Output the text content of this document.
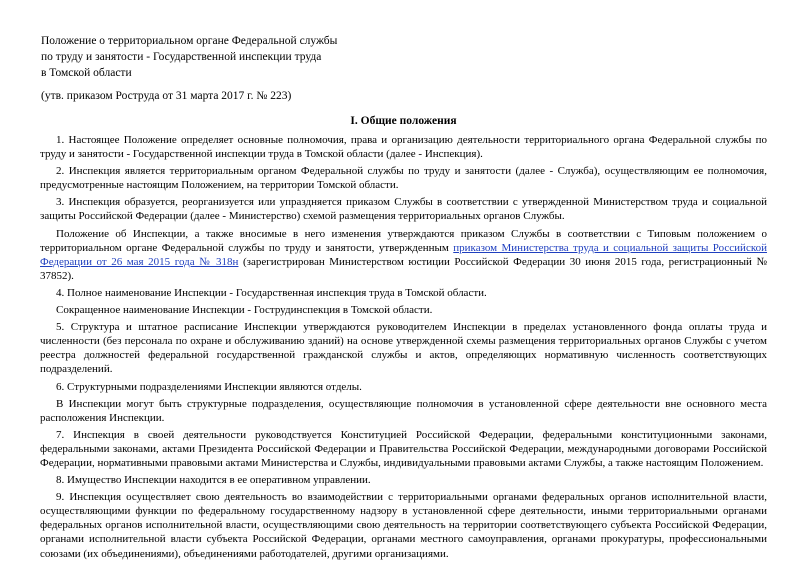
Положение о территориальном органе Федеральной службы
по труду и занятости - Государственной инспекции труда
в Томской области
(утв. приказом Роструда от 31 марта 2017 г. № 223)
I. Общие положения

1. Настоящее Положение определяет основные полномочия, права и организацию деятельности территориального органа Федеральной службы по труду и занятости - Государственной инспекции труда в Томской области (далее - Инспекция).

2. Инспекция является территориальным органом Федеральной службы по труду и занятости (далее - Служба), осуществляющим ее полномочия, предусмотренные настоящим Положением, на территории Томской области.

3. Инспекция образуется, реорганизуется или упраздняется приказом Службы в соответствии с утвержденной Министерством труда и социальной защиты Российской Федерации (далее - Министерство) схемой размещения территориальных органов Службы.

Положение об Инспекции, а также вносимые в него изменения утверждаются приказом Службы в соответствии с Типовым положением о территориальном органе Федеральной службы по труду и занятости, утвержденным приказом Министерства труда и социальной защиты Российской Федерации от 26 мая 2015 года № 318н (зарегистрирован Министерством юстиции Российской Федерации 30 июня 2015 года, регистрационный № 37852).

4. Полное наименование Инспекции - Государственная инспекция труда в Томской области.

Сокращенное наименование Инспекции - Гострудинспекция в Томской области.

5. Структура и штатное расписание Инспекции утверждаются руководителем Инспекции в пределах установленного фонда оплаты труда и численности (без персонала по охране и обслуживанию зданий) на основе утвержденной схемы размещения территориальных органов Службы с учетом реестра должностей федеральной государственной гражданской службы и актов, определяющих нормативную численность соответствующих подразделений.

6. Структурными подразделениями Инспекции являются отделы.

В Инспекции могут быть структурные подразделения, осуществляющие полномочия в установленной сфере деятельности вне основного места расположения Инспекции.

7. Инспекция в своей деятельности руководствуется Конституцией Российской Федерации, федеральными конституционными законами, федеральными законами, актами Президента Российской Федерации и Правительства Российской Федерации, международными договорами Российской Федерации, нормативными правовыми актами Министерства и Службы, индивидуальными правовыми актами Службы, а также настоящим Положением.

8. Имущество Инспекции находится в ее оперативном управлении.

9. Инспекция осуществляет свою деятельность во взаимодействии с территориальными органами федеральных органов исполнительной власти, осуществляющими функции по федеральному государственному надзору в установленной сфере деятельности, иными территориальными органами федеральных органов исполнительной власти, осуществляющими свою деятельность на территории соответствующего субъекта Российской Федерации, органами исполнительной власти субъекта Российской Федерации, органами местного самоуправления, органами прокуратуры, профессиональными союзами (их объединениями), объединениями работодателей, другими организациями.
